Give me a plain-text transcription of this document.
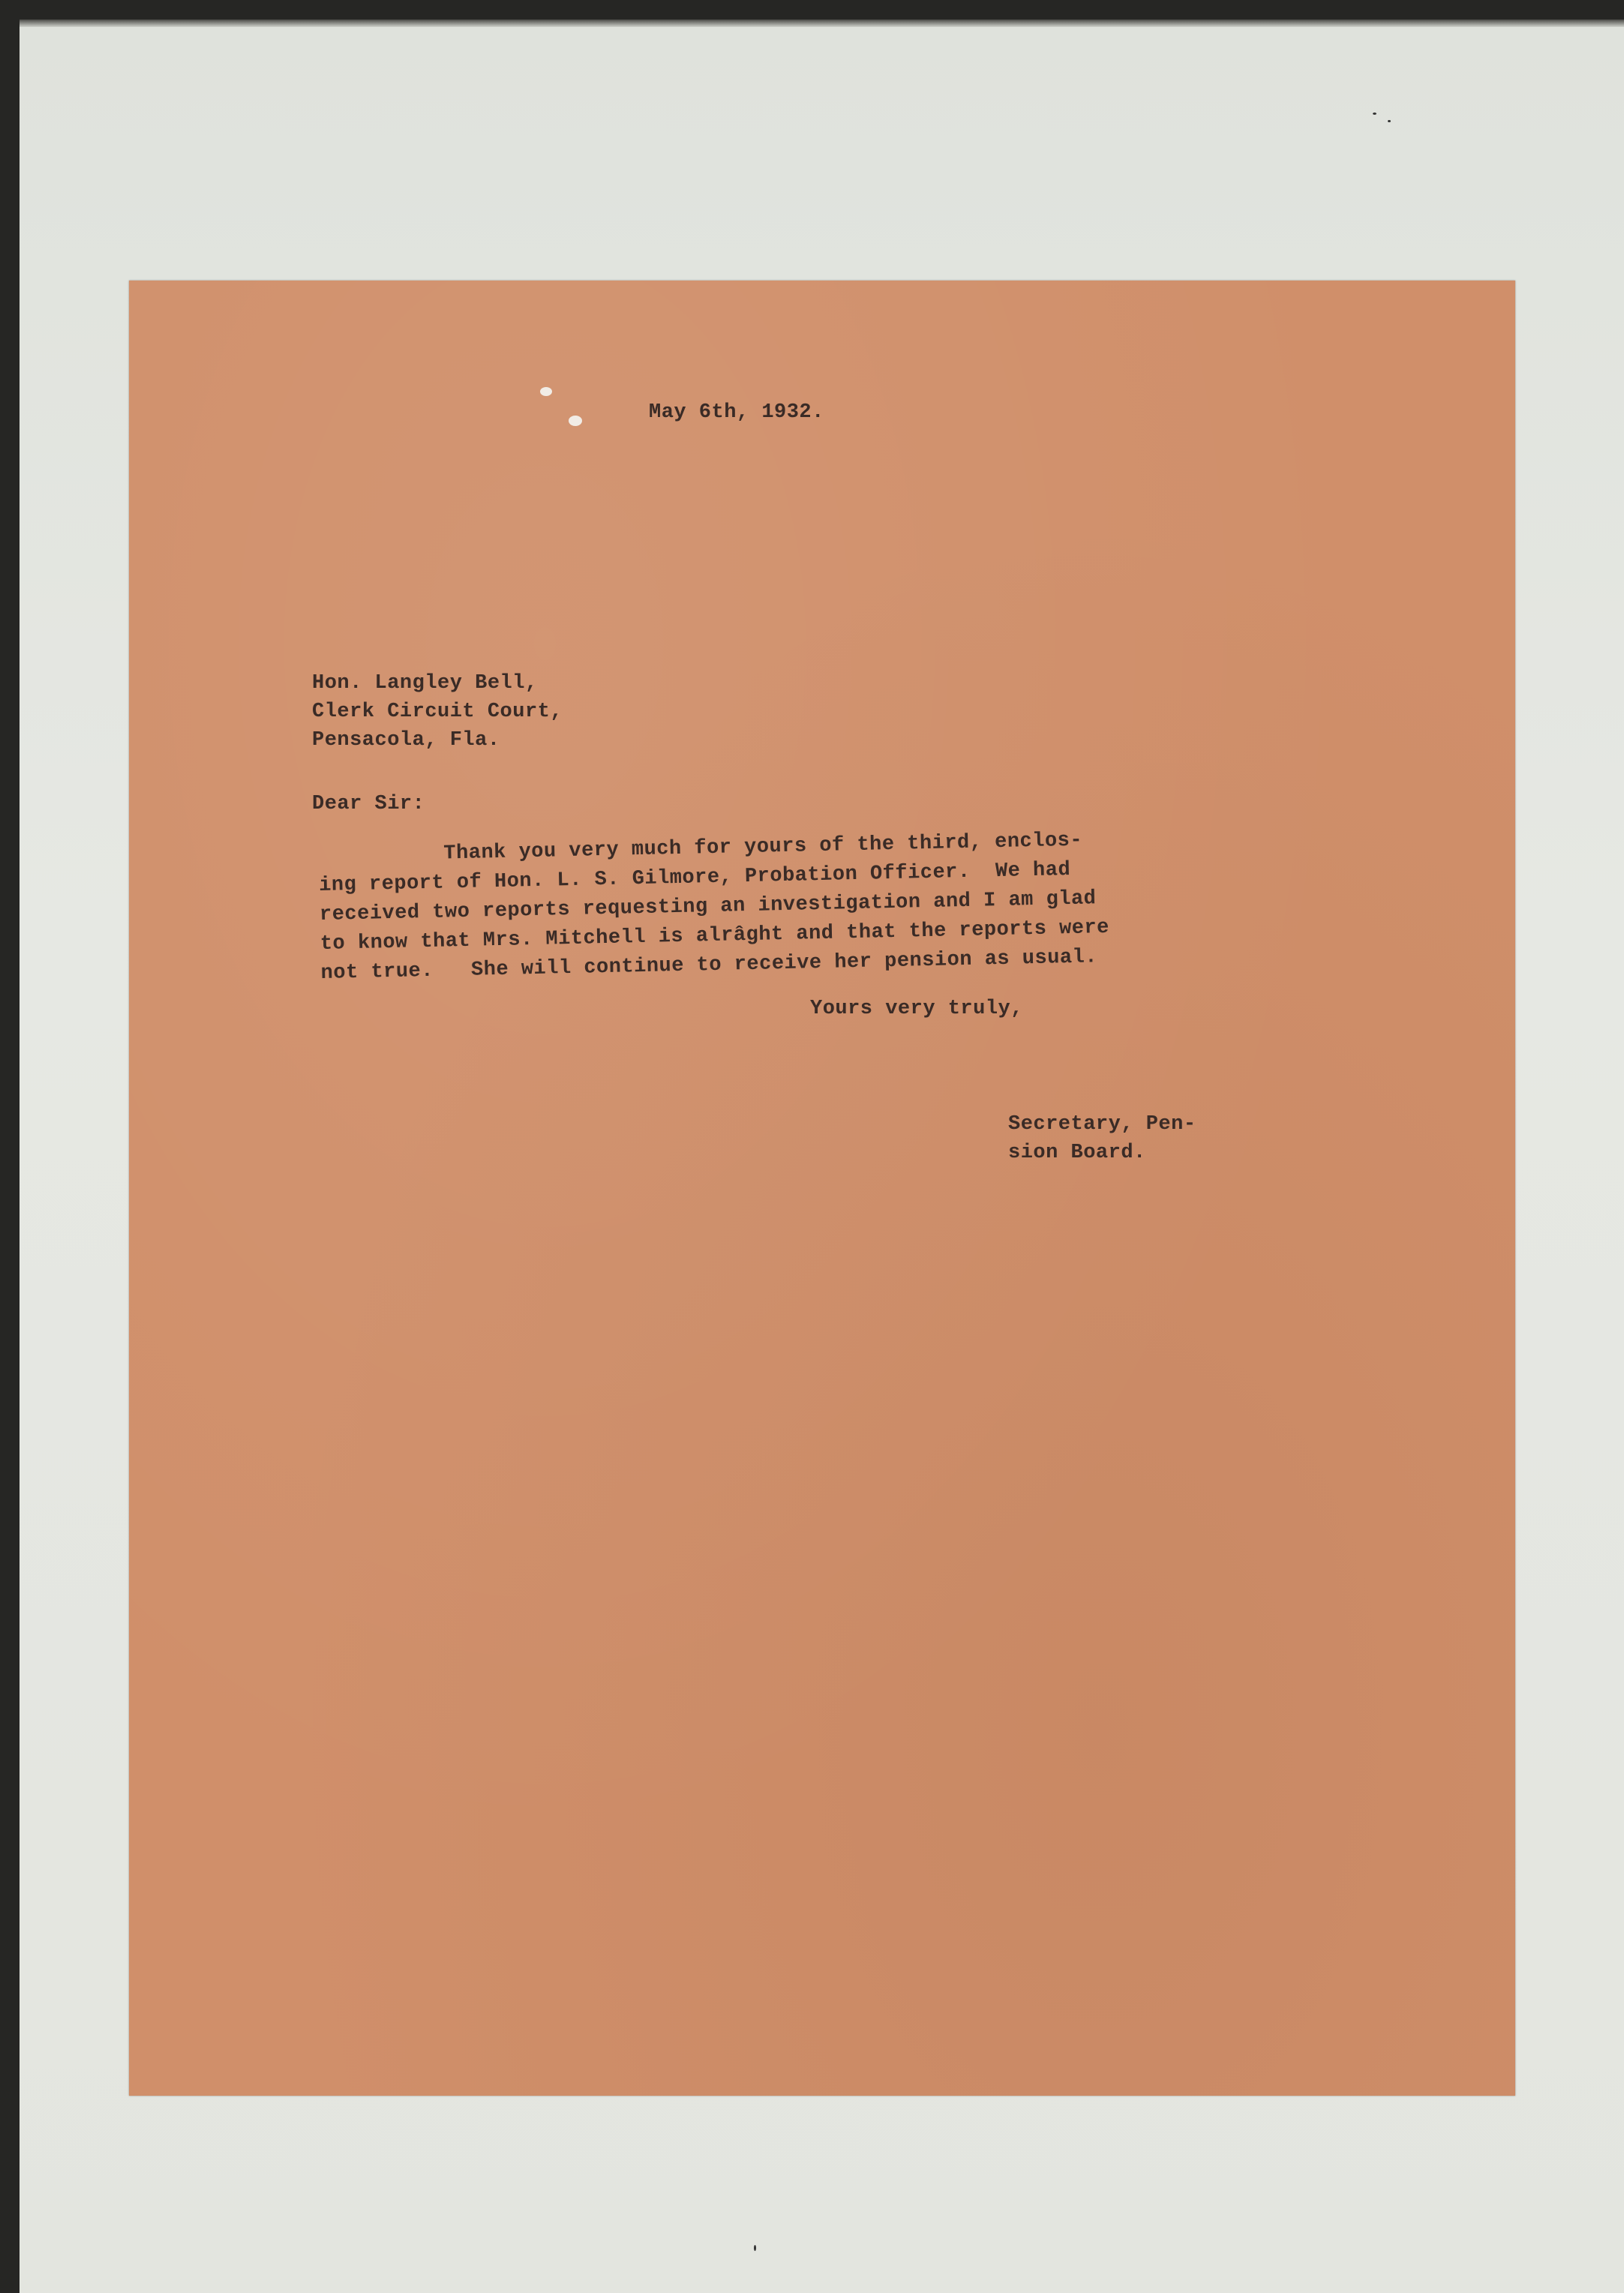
May 6th, 1932.

Hon. Langley Bell,
Clerk Circuit Court,
Pensacola, Fla.

Dear Sir:

Thank you very much for yours of the third, enclos-
ing report of Hon. L. S. Gilmore, Probation Officer.  We had
received two reports requesting an investigation and I am glad
to know that Mrs. Mitchell is alrâght and that the reports were
not true.   She will continue to receive her pension as usual.

Yours very truly,

Secretary, Pen-
sion Board.
